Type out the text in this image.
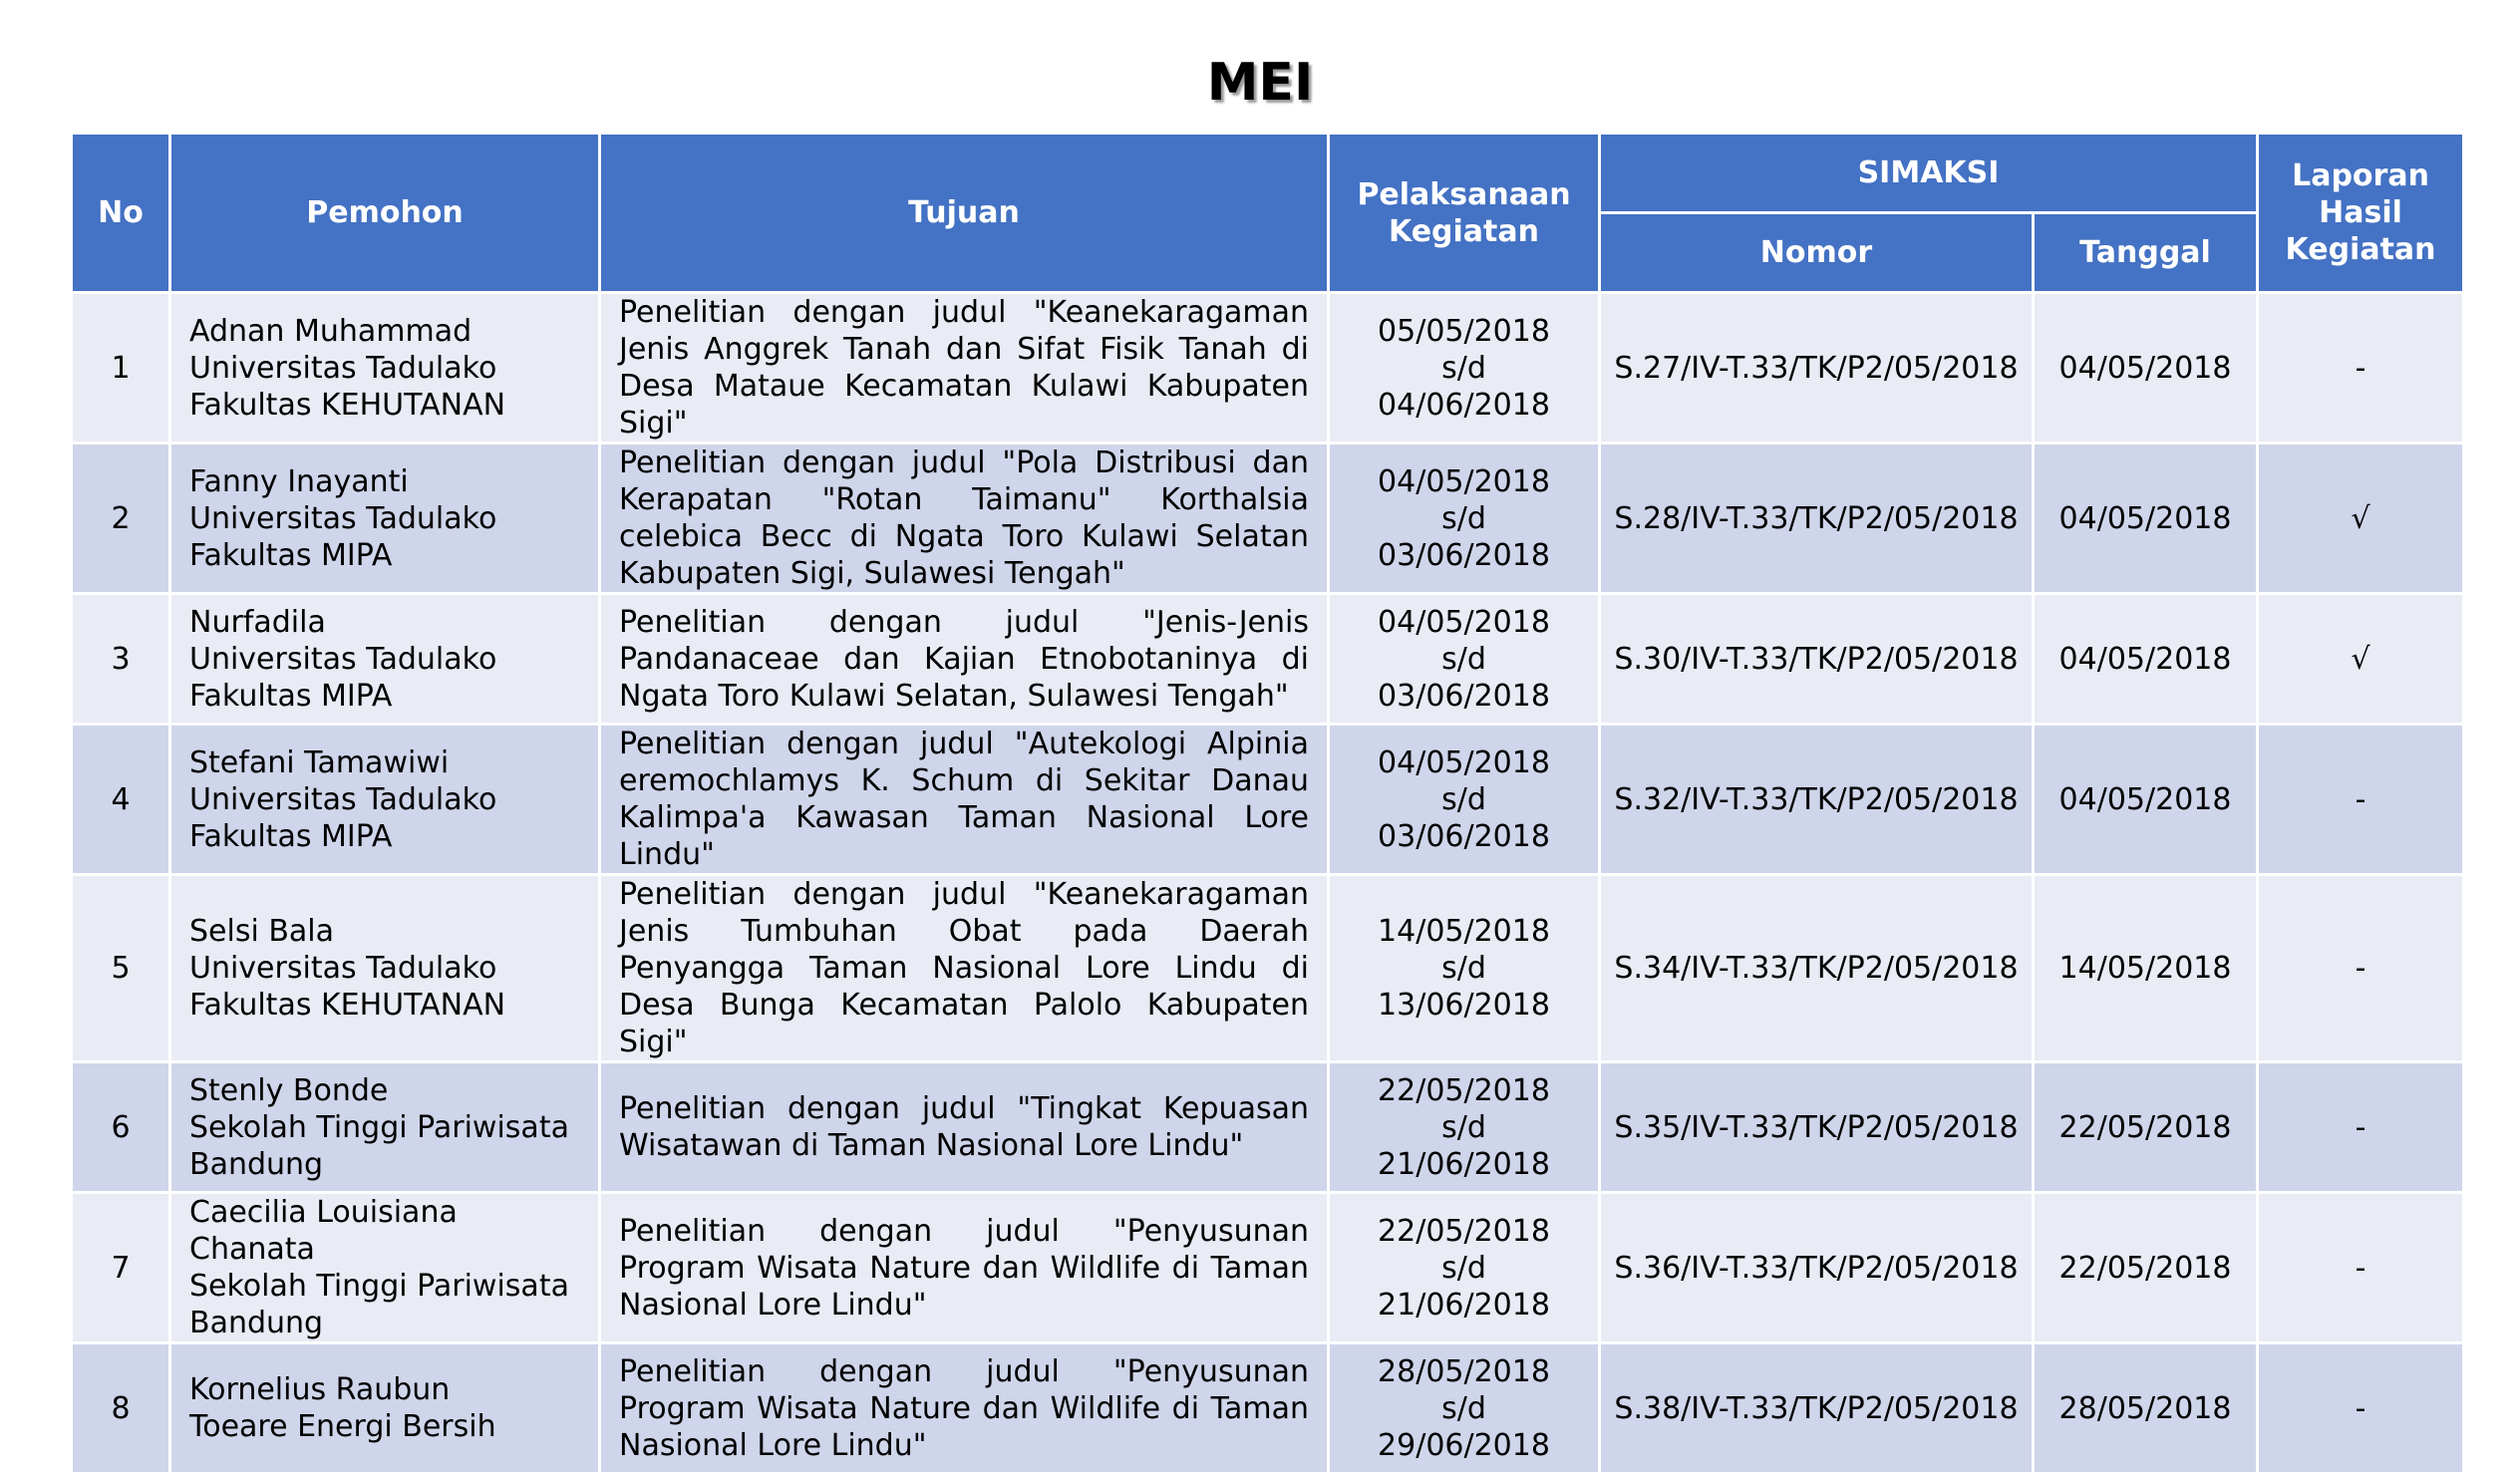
MEI
No	Pemohon	Tujuan	Pelaksanaan Kegiatan	SIMAKSI		Laporan Hasil Kegiatan
				Nomor	Tanggal	
1	Adnan Muhammad
Universitas Tadulako
Fakultas KEHUTANAN	Penelitian dengan judul "Keanekaragaman Jenis Anggrek Tanah dan Sifat Fisik Tanah di Desa Mataue Kecamatan Kulawi Kabupaten Sigi"	05/05/2018
s/d
04/06/2018	S.27/IV-T.33/TK/P2/05/2018	04/05/2018	-
2	Fanny Inayanti
Universitas Tadulako
Fakultas MIPA	Penelitian dengan judul "Pola Distribusi dan Kerapatan "Rotan Taimanu" Korthalsia celebica Becc di Ngata Toro Kulawi Selatan Kabupaten Sigi, Sulawesi Tengah"	04/05/2018
s/d
03/06/2018	S.28/IV-T.33/TK/P2/05/2018	04/05/2018	√
3	Nurfadila
Universitas Tadulako
Fakultas MIPA	Penelitian dengan judul "Jenis-Jenis Pandanaceae dan Kajian Etnobotaninya di Ngata Toro Kulawi Selatan, Sulawesi Tengah"	04/05/2018
s/d
03/06/2018	S.30/IV-T.33/TK/P2/05/2018	04/05/2018	√
4	Stefani Tamawiwi
Universitas Tadulako
Fakultas MIPA	Penelitian dengan judul "Autekologi Alpinia eremochlamys K. Schum di Sekitar Danau Kalimpa'a Kawasan Taman Nasional Lore Lindu"	04/05/2018
s/d
03/06/2018	S.32/IV-T.33/TK/P2/05/2018	04/05/2018	-
5	Selsi Bala
Universitas Tadulako
Fakultas KEHUTANAN	Penelitian dengan judul "Keanekaragaman Jenis Tumbuhan Obat pada Daerah Penyangga Taman Nasional Lore Lindu di Desa Bunga Kecamatan Palolo Kabupaten Sigi"	14/05/2018
s/d
13/06/2018	S.34/IV-T.33/TK/P2/05/2018	14/05/2018	-
6	Stenly Bonde
Sekolah Tinggi Pariwisata
Bandung	Penelitian dengan judul "Tingkat Kepuasan Wisatawan di Taman Nasional Lore Lindu"	22/05/2018
s/d
21/06/2018	S.35/IV-T.33/TK/P2/05/2018	22/05/2018	-
7	Caecilia Louisiana Chanata
Sekolah Tinggi Pariwisata
Bandung	Penelitian dengan judul "Penyusunan Program Wisata Nature dan Wildlife di Taman Nasional Lore Lindu"	22/05/2018
s/d
21/06/2018	S.36/IV-T.33/TK/P2/05/2018	22/05/2018	-
8	Kornelius Raubun
Toeare Energi Bersih	Penelitian dengan judul "Penyusunan Program Wisata Nature dan Wildlife di Taman Nasional Lore Lindu"	28/05/2018
s/d
29/06/2018	S.38/IV-T.33/TK/P2/05/2018	28/05/2018	-
